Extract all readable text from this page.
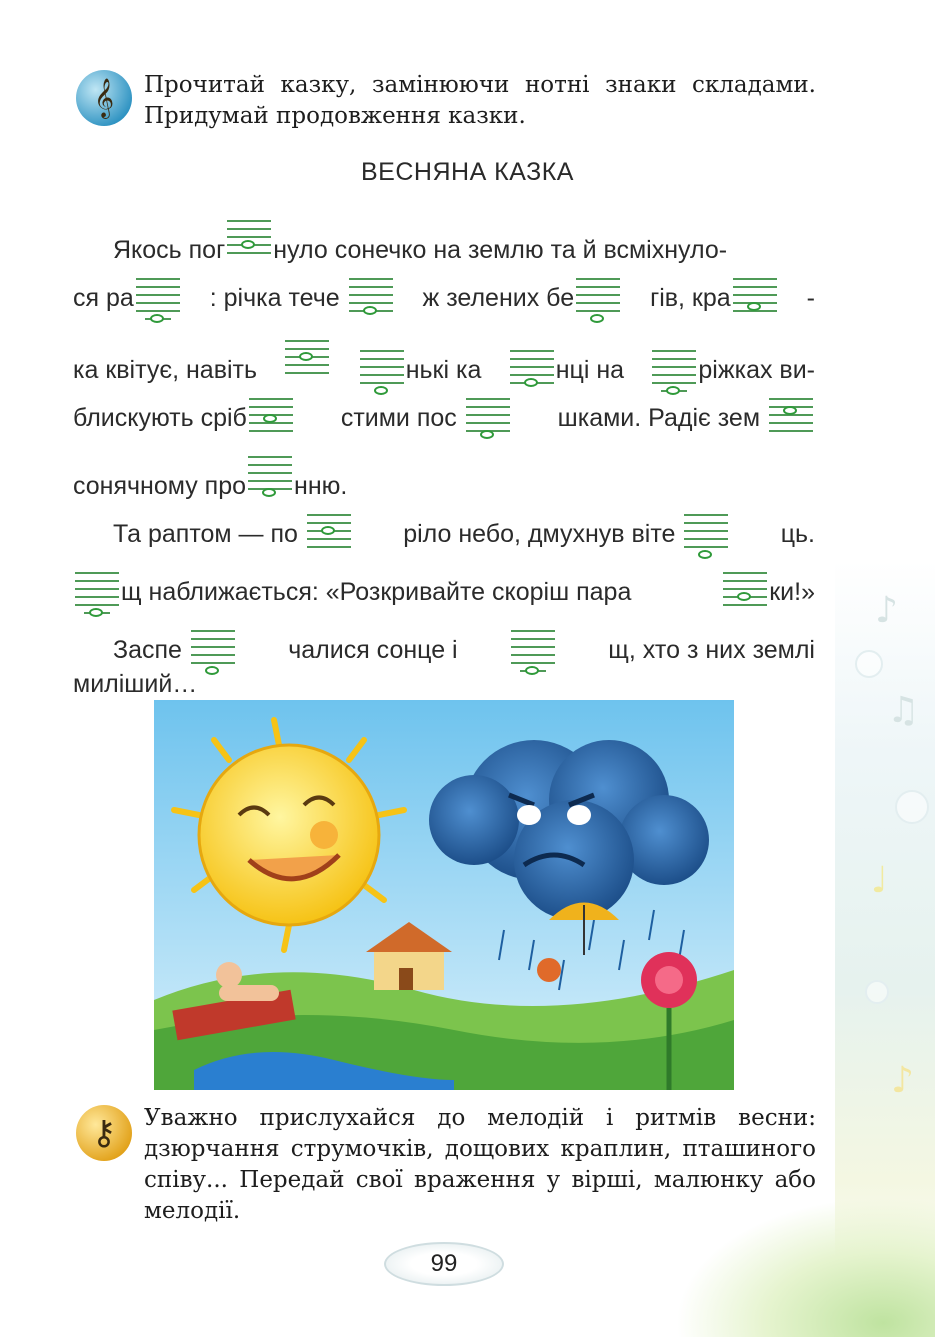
♪
♫
♩
♪
𝄞 Прочитай казку, замінюючи нотні знаки складами. Придумай продовження казки.
ВЕСНЯНА КАЗКА
Якось пог нуло сонечко на землю та й всміхнуло-
ся ра	: річка тече	ж зелених бе	гів, кра	-
ка квітує, навіть	нькі ка	нці на	ріжках ви-
блискують сріб	стими пос	шками. Радіє зем
сонячному про нню.
Та раптом — по	ріло небо, дмухнув віте	ць.
щ наближається: «Розкривайте скоріш пара	ки!»
Заспе	чалися сонце і	щ, хто з них землі
миліший…
⚷ Уважно прислухайся до мелодій і ритмів весни: дзюрчання струмочків, дощових краплин, пташиного співу... Передай свої враження у вірші, малюнку або мелодії.
99
